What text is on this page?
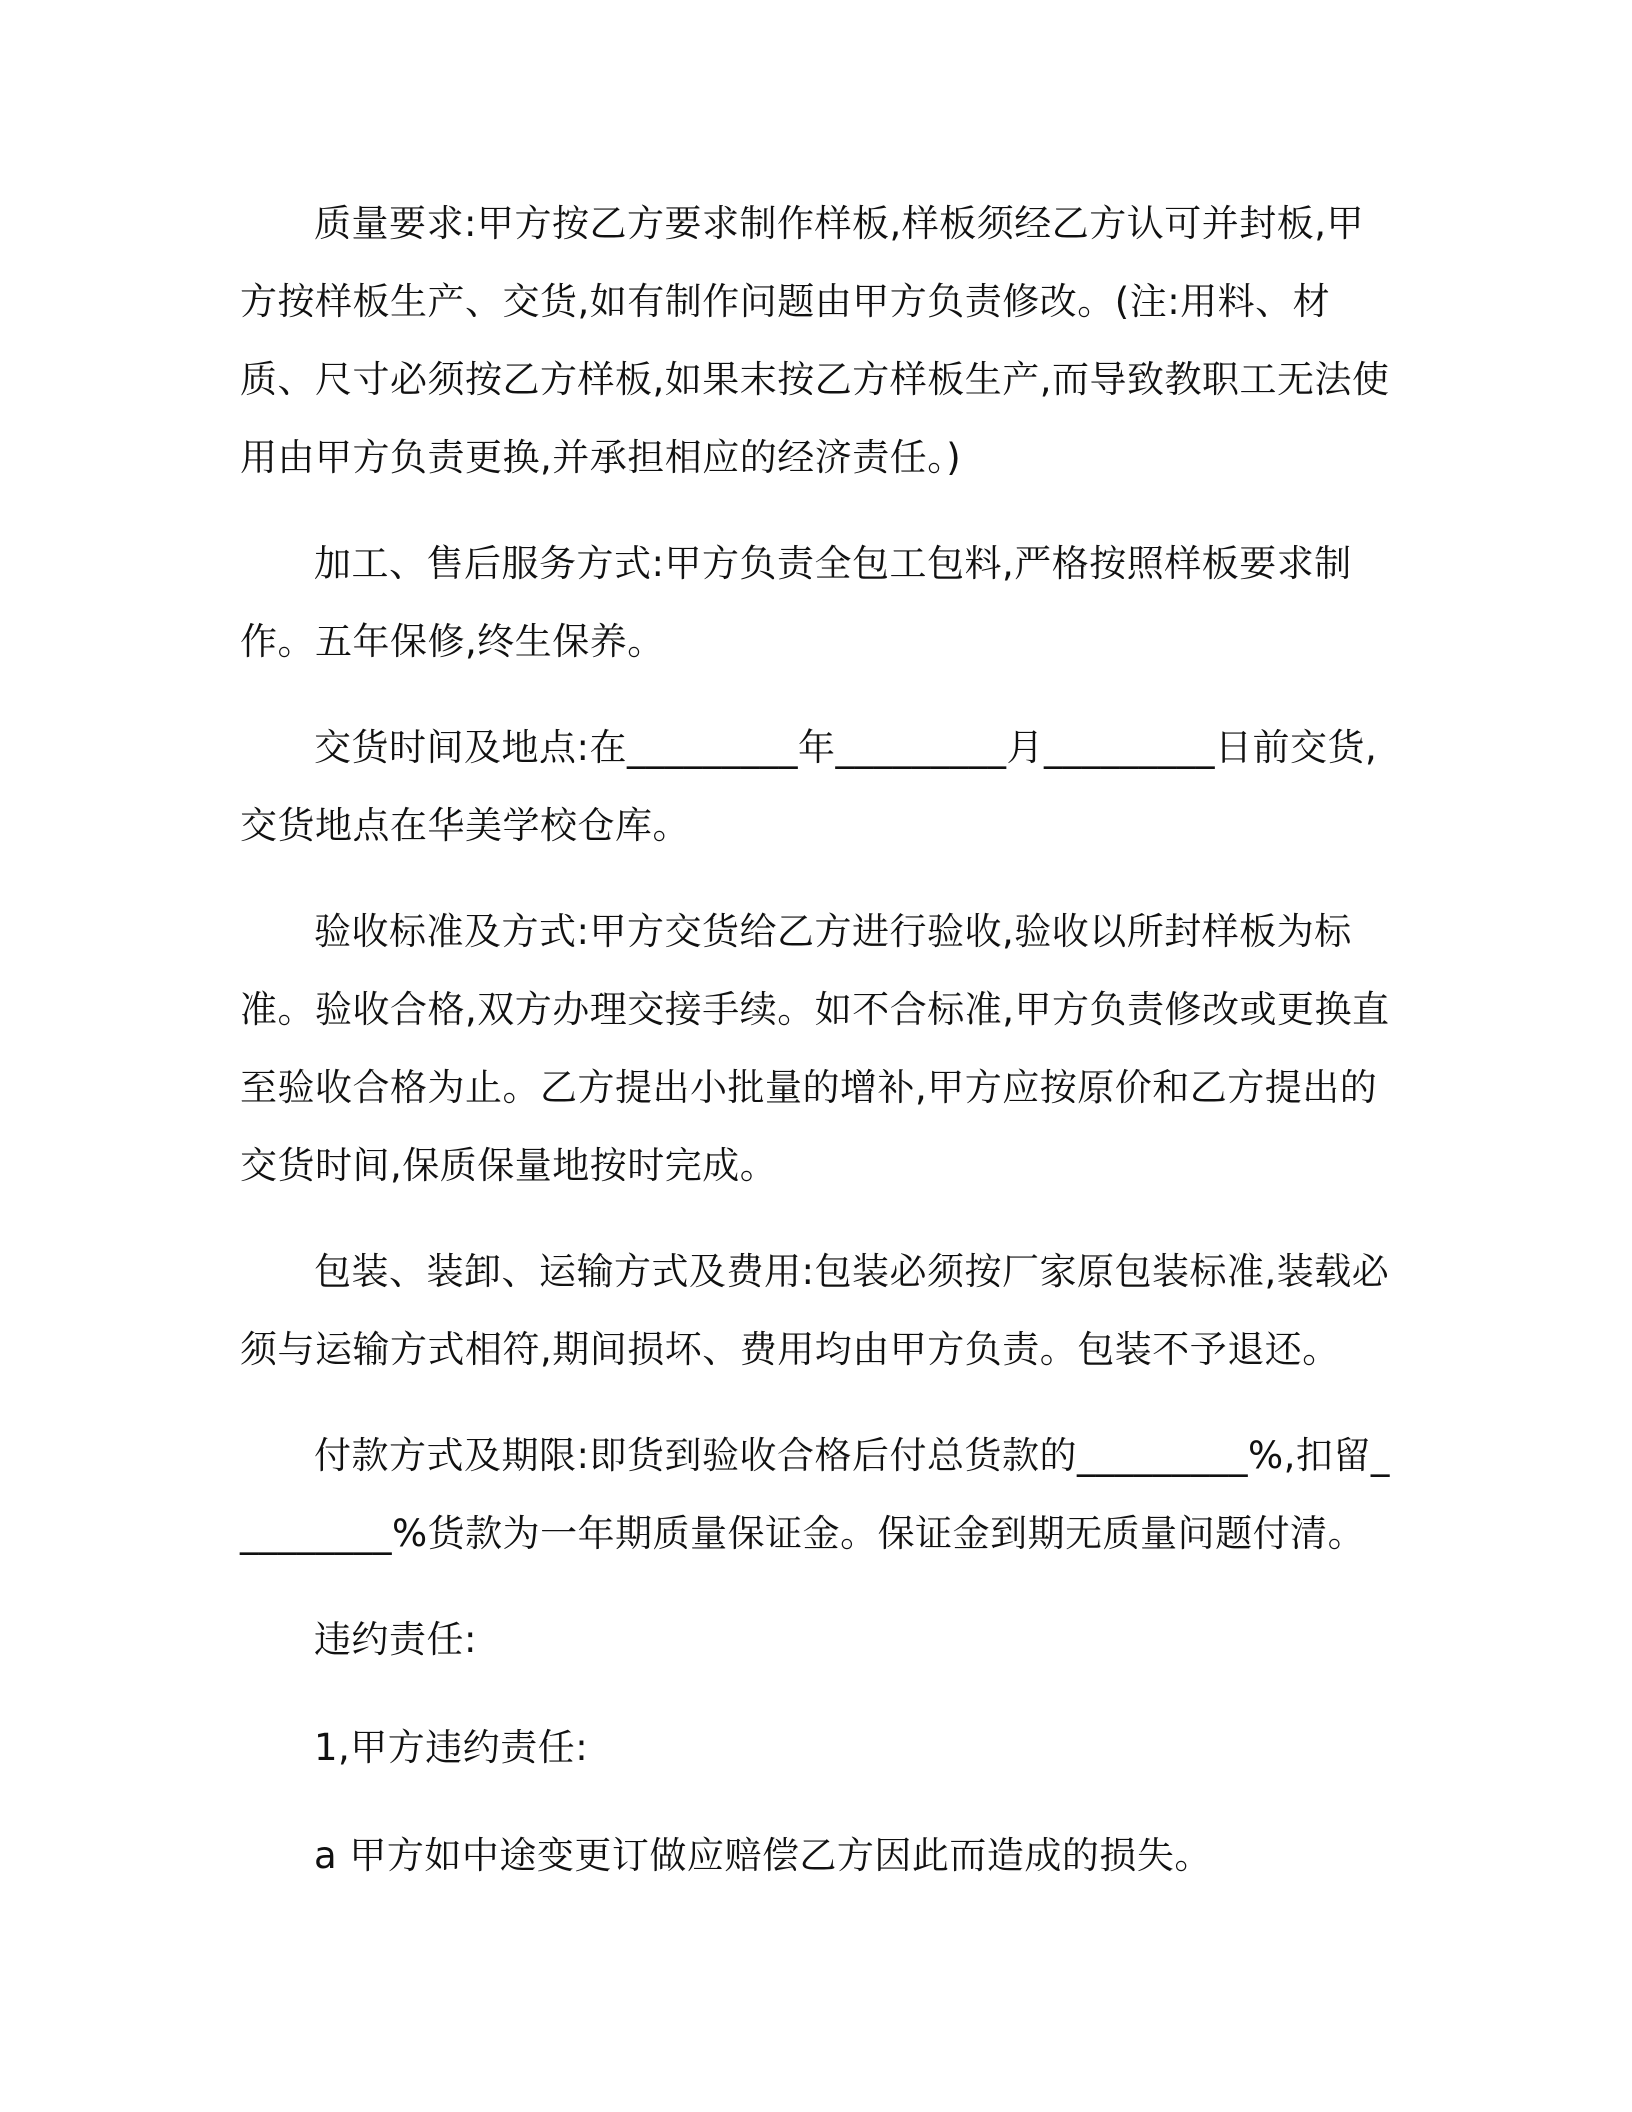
质量要求:甲方按乙方要求制作样板,样板须经乙方认可并封板,甲方按样板生产、交货,如有制作问题由甲方负责修改。(注:用料、材质、尺寸必须按乙方样板,如果末按乙方样板生产,而导致教职工无法使用由甲方负责更换,并承担相应的经济责任。)

加工、售后服务方式:甲方负责全包工包料,严格按照样板要求制作。五年保修,终生保养。

交货时间及地点:在_________年_________月_________日前交货,交货地点在华美学校仓库。

验收标准及方式:甲方交货给乙方进行验收,验收以所封样板为标准。验收合格,双方办理交接手续。如不合标准,甲方负责修改或更换直至验收合格为止。乙方提出小批量的增补,甲方应按原价和乙方提出的交货时间,保质保量地按时完成。

包装、装卸、运输方式及费用:包装必须按厂家原包装标准,装载必须与运输方式相符,期间损坏、费用均由甲方负责。包装不予退还。

付款方式及期限:即货到验收合格后付总货款的_________%,扣留_________%货款为一年期质量保证金。保证金到期无质量问题付清。

违约责任:

1,甲方违约责任:

a 甲方如中途变更订做应赔偿乙方因此而造成的损失。
